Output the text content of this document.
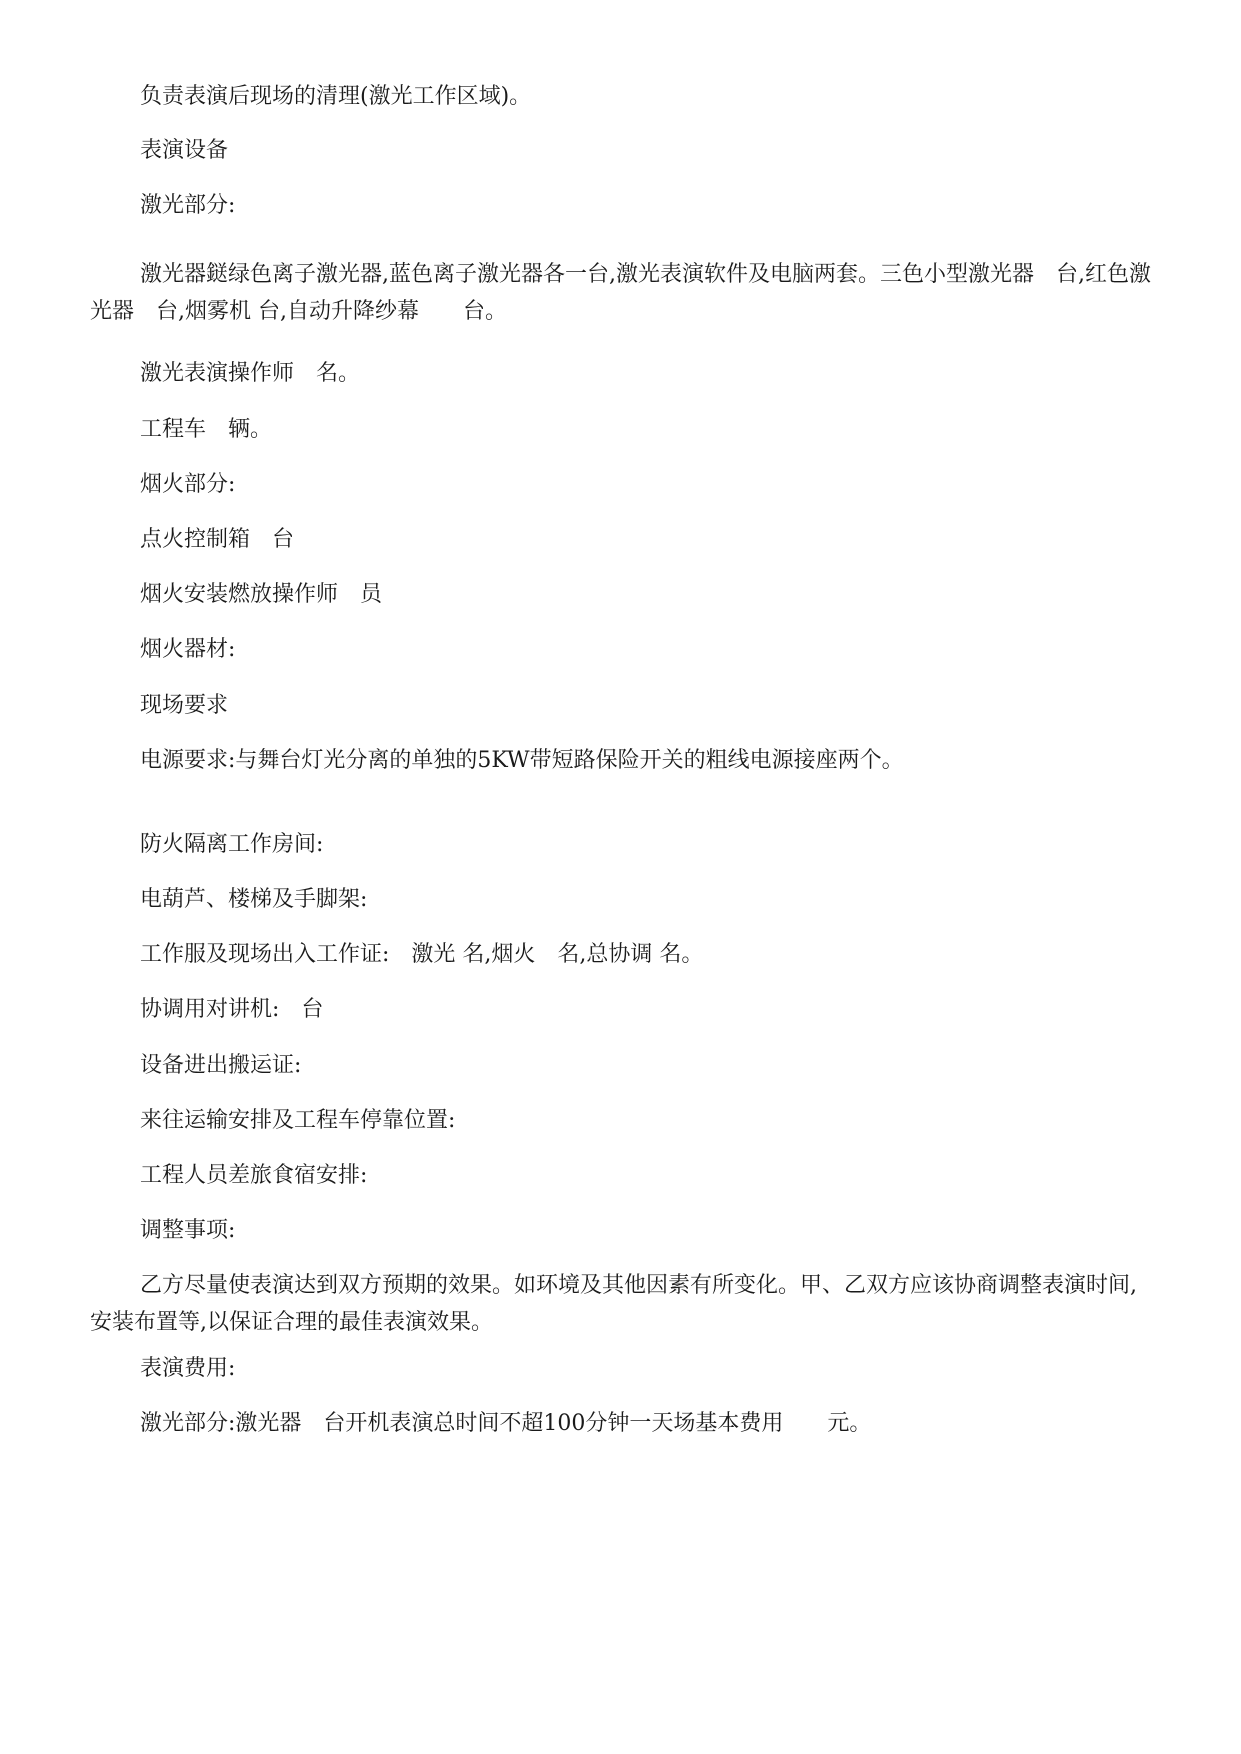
负责表演后现场的清理(激光工作区域)。

表演设备

激光部分:

激光器鎹绿色离子激光器,蓝色离子激光器各一台,激光表演软件及电脑两套。三色小型激光器　台,红色激光器　台,烟雾机 台,自动升降纱幕　　台。

激光表演操作师　名。

工程车　辆。

烟火部分:

点火控制箱　台

烟火安装燃放操作师　员

烟火器材:

现场要求

电源要求:与舞台灯光分离的单独的5KW带短路保险开关的粗线电源接座两个。

防火隔离工作房间:

电葫芦、楼梯及手脚架:

工作服及现场出入工作证:　激光 名,烟火　名,总协调 名。

协调用对讲机:　台

设备进出搬运证:

来往运输安排及工程车停靠位置:

工程人员差旅食宿安排:

调整事项:

乙方尽量使表演达到双方预期的效果。如环境及其他因素有所变化。甲、乙双方应该协商调整表演时间,安装布置等,以保证合理的最佳表演效果。

表演费用:

激光部分:激光器　台开机表演总时间不超100分钟一天场基本费用　　元。
